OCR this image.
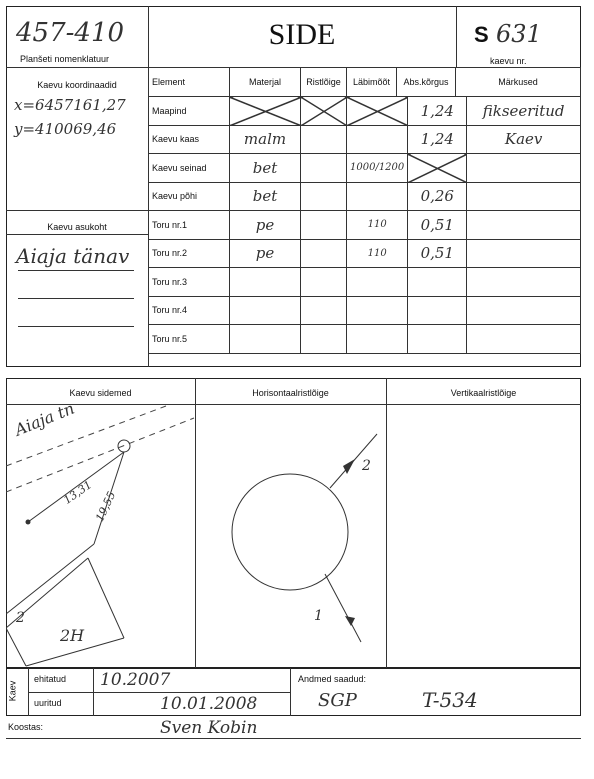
457-410
Planšeti nomenklatuur
SIDE	S 631
kaevu nr.
Kaevu koordinaadid
x=6457161,27
y=410069,46
Kaevu asukoht
Aiaja tänav
Element	Materjal	Ristlõige	Läbimõõt	Abs.kõrgus	Märkused
Maapind				1,24	fikseeritud
Kaevu kaas	malm			1,24	Kaev
Kaevu seinad	bet		1000/1200		
Kaevu põhi	bet			0,26	
Toru nr.1	pe		110	0,51	
Toru nr.2	pe		110	0,51	
Toru nr.3					
Toru nr.4					
Toru nr.5					
Kaevu sidemed	Horisontaalristlõige	Vertikaalristlõige
Aiaja tn
13,31
19,55
2
2H
2
1
Kaev
ehitatud 10.2007
uuritud	10.01.2008
Andmed saadud:
SGP	T-534
Koostas:	Sven Kobin
